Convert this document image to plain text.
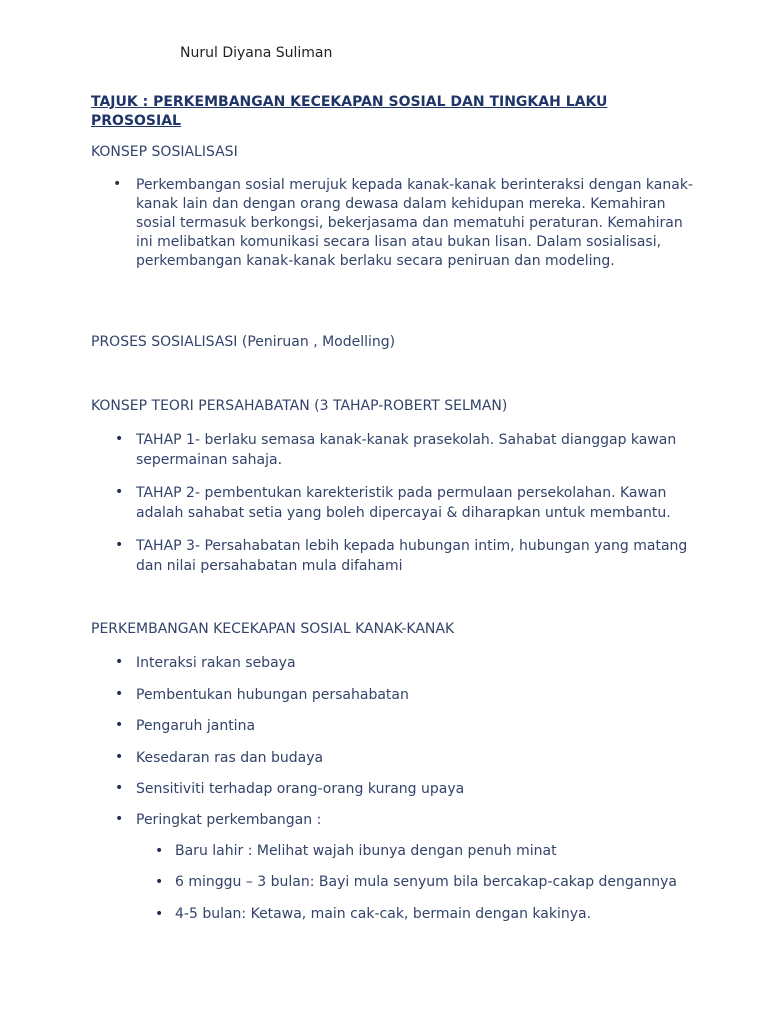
Nurul Diyana Suliman

TAJUK : PERKEMBANGAN KECEKAPAN SOSIAL DAN TINGKAH LAKU PROSOSIAL

KONSEP SOSIALISASI

• Perkembangan sosial merujuk kepada kanak-kanak berinteraksi dengan kanak-kanak lain dan dengan orang dewasa dalam kehidupan mereka. Kemahiran sosial termasuk berkongsi, bekerjasama dan mematuhi peraturan. Kemahiran ini melibatkan komunikasi secara lisan atau bukan lisan. Dalam sosialisasi, perkembangan kanak-kanak berlaku secara peniruan dan modeling.

PROSES SOSIALISASI (Peniruan , Modelling)

KONSEP TEORI PERSAHABATAN (3 TAHAP-ROBERT SELMAN)

• TAHAP 1- berlaku semasa kanak-kanak prasekolah. Sahabat dianggap kawan sepermainan sahaja.

• TAHAP 2- pembentukan karekteristik pada permulaan persekolahan. Kawan adalah sahabat setia yang boleh dipercayai & diharapkan untuk membantu.

• TAHAP 3- Persahabatan lebih kepada hubungan intim, hubungan yang matang dan nilai persahabatan mula difahami

PERKEMBANGAN KECEKAPAN SOSIAL KANAK-KANAK

• Interaksi rakan sebaya

• Pembentukan hubungan persahabatan

• Pengaruh jantina

• Kesedaran ras dan budaya

• Sensitiviti terhadap orang-orang kurang upaya

• Peringkat perkembangan :

• Baru lahir : Melihat wajah ibunya dengan penuh minat

• 6 minggu – 3 bulan: Bayi mula senyum bila bercakap-cakap dengannya

• 4-5 bulan: Ketawa, main cak-cak, bermain dengan kakinya.
